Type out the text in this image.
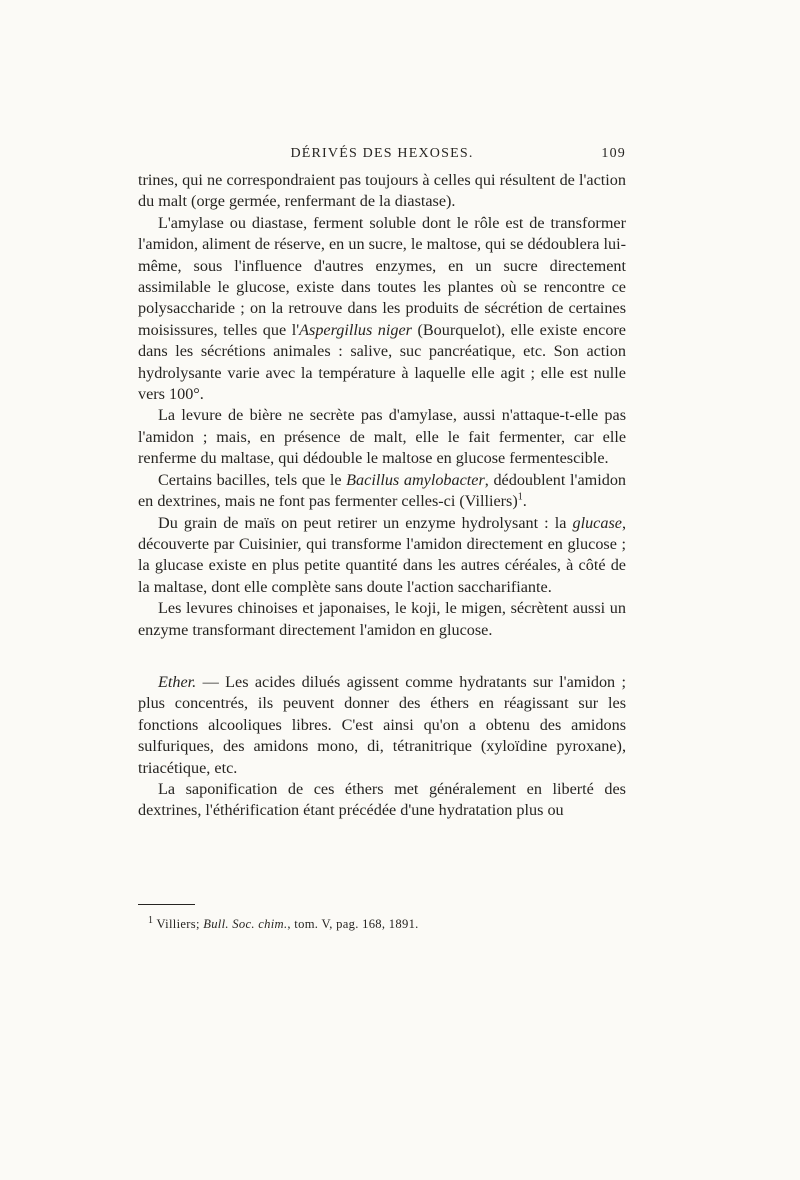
DÉRIVÉS DES HEXOSES.	109

trines, qui ne correspondraient pas toujours à celles qui résultent de l'action du malt (orge germée, renfermant de la diastase).

L'amylase ou diastase, ferment soluble dont le rôle est de transformer l'amidon, aliment de réserve, en un sucre, le maltose, qui se dédoublera lui-même, sous l'influence d'autres enzymes, en un sucre directement assimilable le glucose, existe dans toutes les plantes où se rencontre ce polysaccharide ; on la retrouve dans les produits de sécrétion de certaines moisissures, telles que l'Aspergillus niger (Bourquelot), elle existe encore dans les sécrétions animales : salive, suc pancréatique, etc. Son action hydrolysante varie avec la température à laquelle elle agit ; elle est nulle vers 100°.

La levure de bière ne secrète pas d'amylase, aussi n'attaque-t-elle pas l'amidon ; mais, en présence de malt, elle le fait fermenter, car elle renferme du maltase, qui dédouble le maltose en glucose fermentescible.

Certains bacilles, tels que le Bacillus amylobacter, dédoublent l'amidon en dextrines, mais ne font pas fermenter celles-ci (Villiers)$^1$.

Du grain de maïs on peut retirer un enzyme hydrolysant : la glucase, découverte par Cuisinier, qui transforme l'amidon directement en glucose ; la glucase existe en plus petite quantité dans les autres céréales, à côté de la maltase, dont elle complète sans doute l'action saccharifiante.

Les levures chinoises et japonaises, le koji, le migen, sécrètent aussi un enzyme transformant directement l'amidon en glucose.

Ether. — Les acides dilués agissent comme hydratants sur l'amidon ; plus concentrés, ils peuvent donner des éthers en réagissant sur les fonctions alcooliques libres. C'est ainsi qu'on a obtenu des amidons sulfuriques, des amidons mono, di, tétranitrique (xyloïdine pyroxane), triacétique, etc.

La saponification de ces éthers met généralement en liberté des dextrines, l'éthérification étant précédée d'une hydratation plus ou

$^1$ Villiers; Bull. Soc. chim., tom. V, pag. 168, 1891.
